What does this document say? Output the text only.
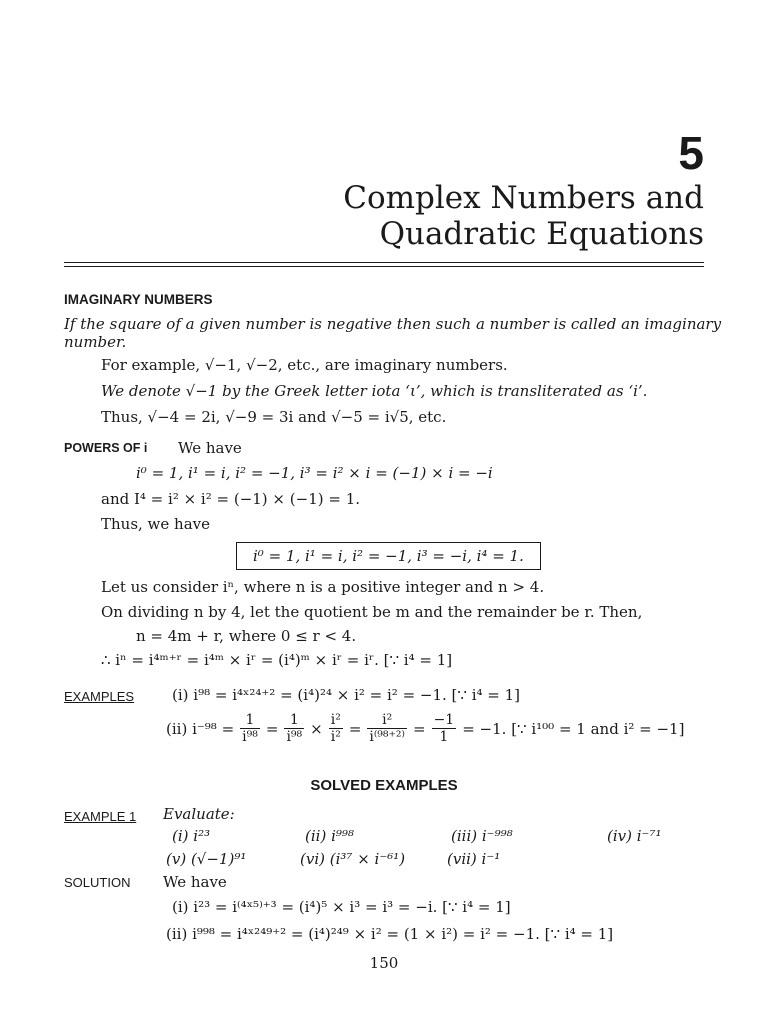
5
Complex Numbers and
Quadratic Equations
IMAGINARY NUMBERS
If the square of a given number is negative then such a number is called an imaginary
number.
For example, √−1, √−2, etc., are imaginary numbers.
We denote √−1 by the Greek letter iota ‘ι’, which is transliterated as ‘i’.
Thus, √−4 = 2i, √−9 = 3i and √−5 = i√5, etc.
POWERS OF i We have
i⁰ = 1, i¹ = i, i² = −1, i³ = i² × i = (−1) × i = −i
and I⁴ = i² × i² = (−1) × (−1) = 1.
Thus, we have
i⁰ = 1, i¹ = i, i² = −1, i³ = −i, i⁴ = 1.
Let us consider iⁿ, where n is a positive integer and n > 4.
On dividing n by 4, let the quotient be m and the remainder be r. Then,
n = 4m + r, where 0 ≤ r < 4.
∴ iⁿ = i⁴ᵐ⁺ʳ = i⁴ᵐ × iʳ = (i⁴)ᵐ × iʳ = iʳ. [∵ i⁴ = 1]
EXAMPLES	(i) i⁹⁸ = i⁴ˣ²⁴⁺² = (i⁴)²⁴ × i² = i² = −1. [∵ i⁴ = 1]
(ii) $i^{-98} = \frac{1}{\text{i⁹⁸}} = \frac{1}{\text{i⁹⁸}} \times \frac{\text{i²}}{\text{i²}} = \frac{\text{i²}}{\text{i⁽⁹⁸⁺²⁾}} = \frac{-1}{1} = -1$. [∵ i¹⁰⁰ = 1 and i² = −1]
SOLVED EXAMPLES
EXAMPLE 1 Evaluate:
(i) i²³	(ii) i⁹⁹⁸	(iii) i⁻⁹⁹⁸	(iv) i⁻⁷¹
(v) (√−1)⁹¹	(vi) (i³⁷ × i⁻⁶¹)	(vii) i⁻¹
SOLUTION We have
(i) i²³ = i⁽⁴ˣ⁵⁾⁺³ = (i⁴)⁵ × i³ = i³ = −i. [∵ i⁴ = 1]
(ii) i⁹⁹⁸ = i⁴ˣ²⁴⁹⁺² = (i⁴)²⁴⁹ × i² = (1 × i²) = i² = −1. [∵ i⁴ = 1]
150
